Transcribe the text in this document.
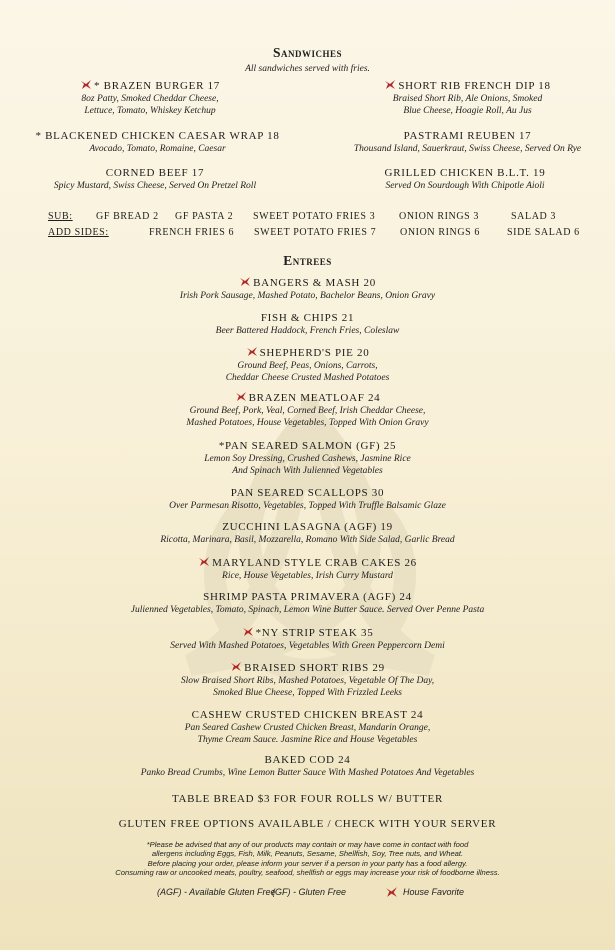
Sandwiches
All sandwiches served with fries.
* BRAZEN BURGER 17
8oz Patty, Smoked Cheddar Cheese,
Lettuce, Tomato, Whiskey Ketchup
SHORT RIB FRENCH DIP 18
Braised Short Rib, Ale Onions, Smoked
Blue Cheese, Hoagie Roll, Au Jus
* BLACKENED CHICKEN CAESAR WRAP 18
Avocado, Tomato, Romaine, Caesar
PASTRAMI REUBEN 17
Thousand Island, Sauerkraut, Swiss Cheese, Served On Rye
CORNED BEEF 17
Spicy Mustard, Swiss Cheese, Served On Pretzel Roll
GRILLED CHICKEN B.L.T. 19
Served On Sourdough With Chipotle Aioli
SUB: GF BREAD 2 GF PASTA 2 SWEET POTATO FRIES 3 ONION RINGS 3	SALAD 3
ADD SIDES:	FRENCH FRIES 6 SWEET POTATO FRIES 7 ONION RINGS 6	SIDE SALAD 6
Entrees
BANGERS & MASH 20
Irish Pork Sausage, Mashed Potato, Bachelor Beans, Onion Gravy
FISH & CHIPS 21
Beer Battered Haddock, French Fries, Coleslaw
SHEPHERD'S PIE 20
Ground Beef, Peas, Onions, Carrots,
Cheddar Cheese Crusted Mashed Potatoes
BRAZEN MEATLOAF 24
Ground Beef, Pork, Veal, Corned Beef, Irish Cheddar Cheese,
Mashed Potatoes, House Vegetables, Topped With Onion Gravy
*PAN SEARED SALMON (GF) 25
Lemon Soy Dressing, Crushed Cashews, Jasmine Rice
And Spinach With Julienned Vegetables
PAN SEARED SCALLOPS 30
Over Parmesan Risotto, Vegetables, Topped With Truffle Balsamic Glaze
ZUCCHINI LASAGNA (AGF) 19
Ricotta, Marinara, Basil, Mozzarella, Romano With Side Salad, Garlic Bread
MARYLAND STYLE CRAB CAKES 26
Rice, House Vegetables, Irish Curry Mustard
SHRIMP PASTA PRIMAVERA (AGF) 24
Julienned Vegetables, Tomato, Spinach, Lemon Wine Butter Sauce. Served Over Penne Pasta
*NY STRIP STEAK 35
Served With Mashed Potatoes, Vegetables With Green Peppercorn Demi
BRAISED SHORT RIBS 29
Slow Braised Short Ribs, Mashed Potatoes, Vegetable Of The Day,
Smoked Blue Cheese, Topped With Frizzled Leeks
CASHEW CRUSTED CHICKEN BREAST 24
Pan Seared Cashew Crusted Chicken Breast, Mandarin Orange,
Thyme Cream Sauce. Jasmine Rice and House Vegetables
BAKED COD 24
Panko Bread Crumbs, Wine Lemon Butter Sauce With Mashed Potatoes And Vegetables
TABLE BREAD $3 FOR FOUR ROLLS W/ BUTTER
GLUTEN FREE OPTIONS AVAILABLE / CHECK WITH YOUR SERVER
*Please be advised that any of our products may contain or may have come in contact with food
allergens including Eggs, Fish, Milk, Peanuts, Sesame, Shellfish, Soy, Tree nuts, and Wheat.
Before placing your order, please inform your server if a person in your party has a food allergy.
Consuming raw or uncooked meats, poultry, seafood, shellfish or eggs may increase your risk of foodborne illness.
(AGF) - Available Gluten Free
(GF) - Gluten Free	House Favorite
